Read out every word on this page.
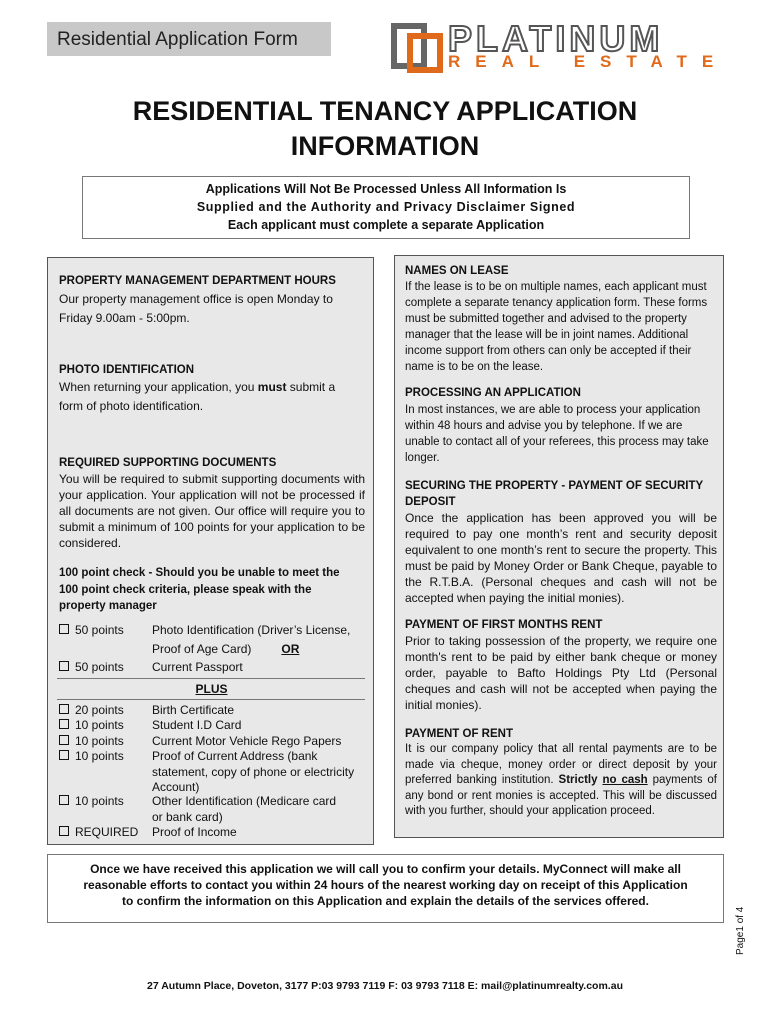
Residential Application Form	PLATINUM
REAL ESTATE
RESIDENTIAL TENANCY APPLICATION
INFORMATION
Applications Will Not Be Processed Unless All Information Is
Supplied and the Authority and Privacy Disclaimer Signed
Each applicant must complete a separate Application
PROPERTY MANAGEMENT DEPARTMENT HOURS
Our property management office is open Monday to
Friday 9.00am - 5:00pm.
PHOTO IDENTIFICATION
When returning your application, you must submit a
form of photo identification.
REQUIRED SUPPORTING DOCUMENTS
You will be required to submit supporting documents with your application. Your application will not be processed if all documents are not given. Our office will require you to submit a minimum of 100 points for your application to be considered.
100 point check - Should you be unable to meet the 100 point check criteria, please speak with the property manager
50 points Photo Identification (Driver’s License,
Proof of Age Card)	OR
50 points Current Passport
PLUS
20 points Birth Certificate
10 points Student I.D Card
10 points Current Motor Vehicle Rego Papers
10 points Proof of Current Address (bank
statement, copy of phone or electricity
Account)
10 points Other Identification (Medicare card
or bank card)
REQUIRED Proof of Income
NAMES ON LEASE
If the lease is to be on multiple names, each applicant must complete a separate tenancy application form. These forms must be submitted together and advised to the property manager that the lease will be in joint names. Additional income support from others can only be accepted if their name is to be on the lease.
PROCESSING AN APPLICATION
In most instances, we are able to process your application within 48 hours and advise you by telephone. If we are unable to contact all of your referees, this process may take longer.
SECURING THE PROPERTY - PAYMENT OF SECURITY DEPOSIT
Once the application has been approved you will be required to pay one month’s rent and security deposit equivalent to one month’s rent to secure the property. This must be paid by Money Order or Bank Cheque, payable to the R.T.B.A. (Personal cheques and cash will not be accepted when paying the initial monies).
PAYMENT OF FIRST MONTHS RENT
Prior to taking possession of the property, we require one month's rent to be paid by either bank cheque or money order, payable to Bafto Holdings Pty Ltd (Personal cheques and cash will not be accepted when paying the initial monies).
PAYMENT OF RENT
It is our company policy that all rental payments are to be made via cheque, money order or direct deposit by your preferred banking institution. Strictly no cash payments of any bond or rent monies is accepted. This will be discussed with you further, should your application proceed.
Once we have received this application we will call you to confirm your details. MyConnect will make all
reasonable efforts to contact you within 24 hours of the nearest working day on receipt of this Application
to confirm the information on this Application and explain the details of the services offered.
Page1 of 4
27 Autumn Place, Doveton, 3177 P:03 9793 7119 F: 03 9793 7118 E: mail@platinumrealty.com.au
